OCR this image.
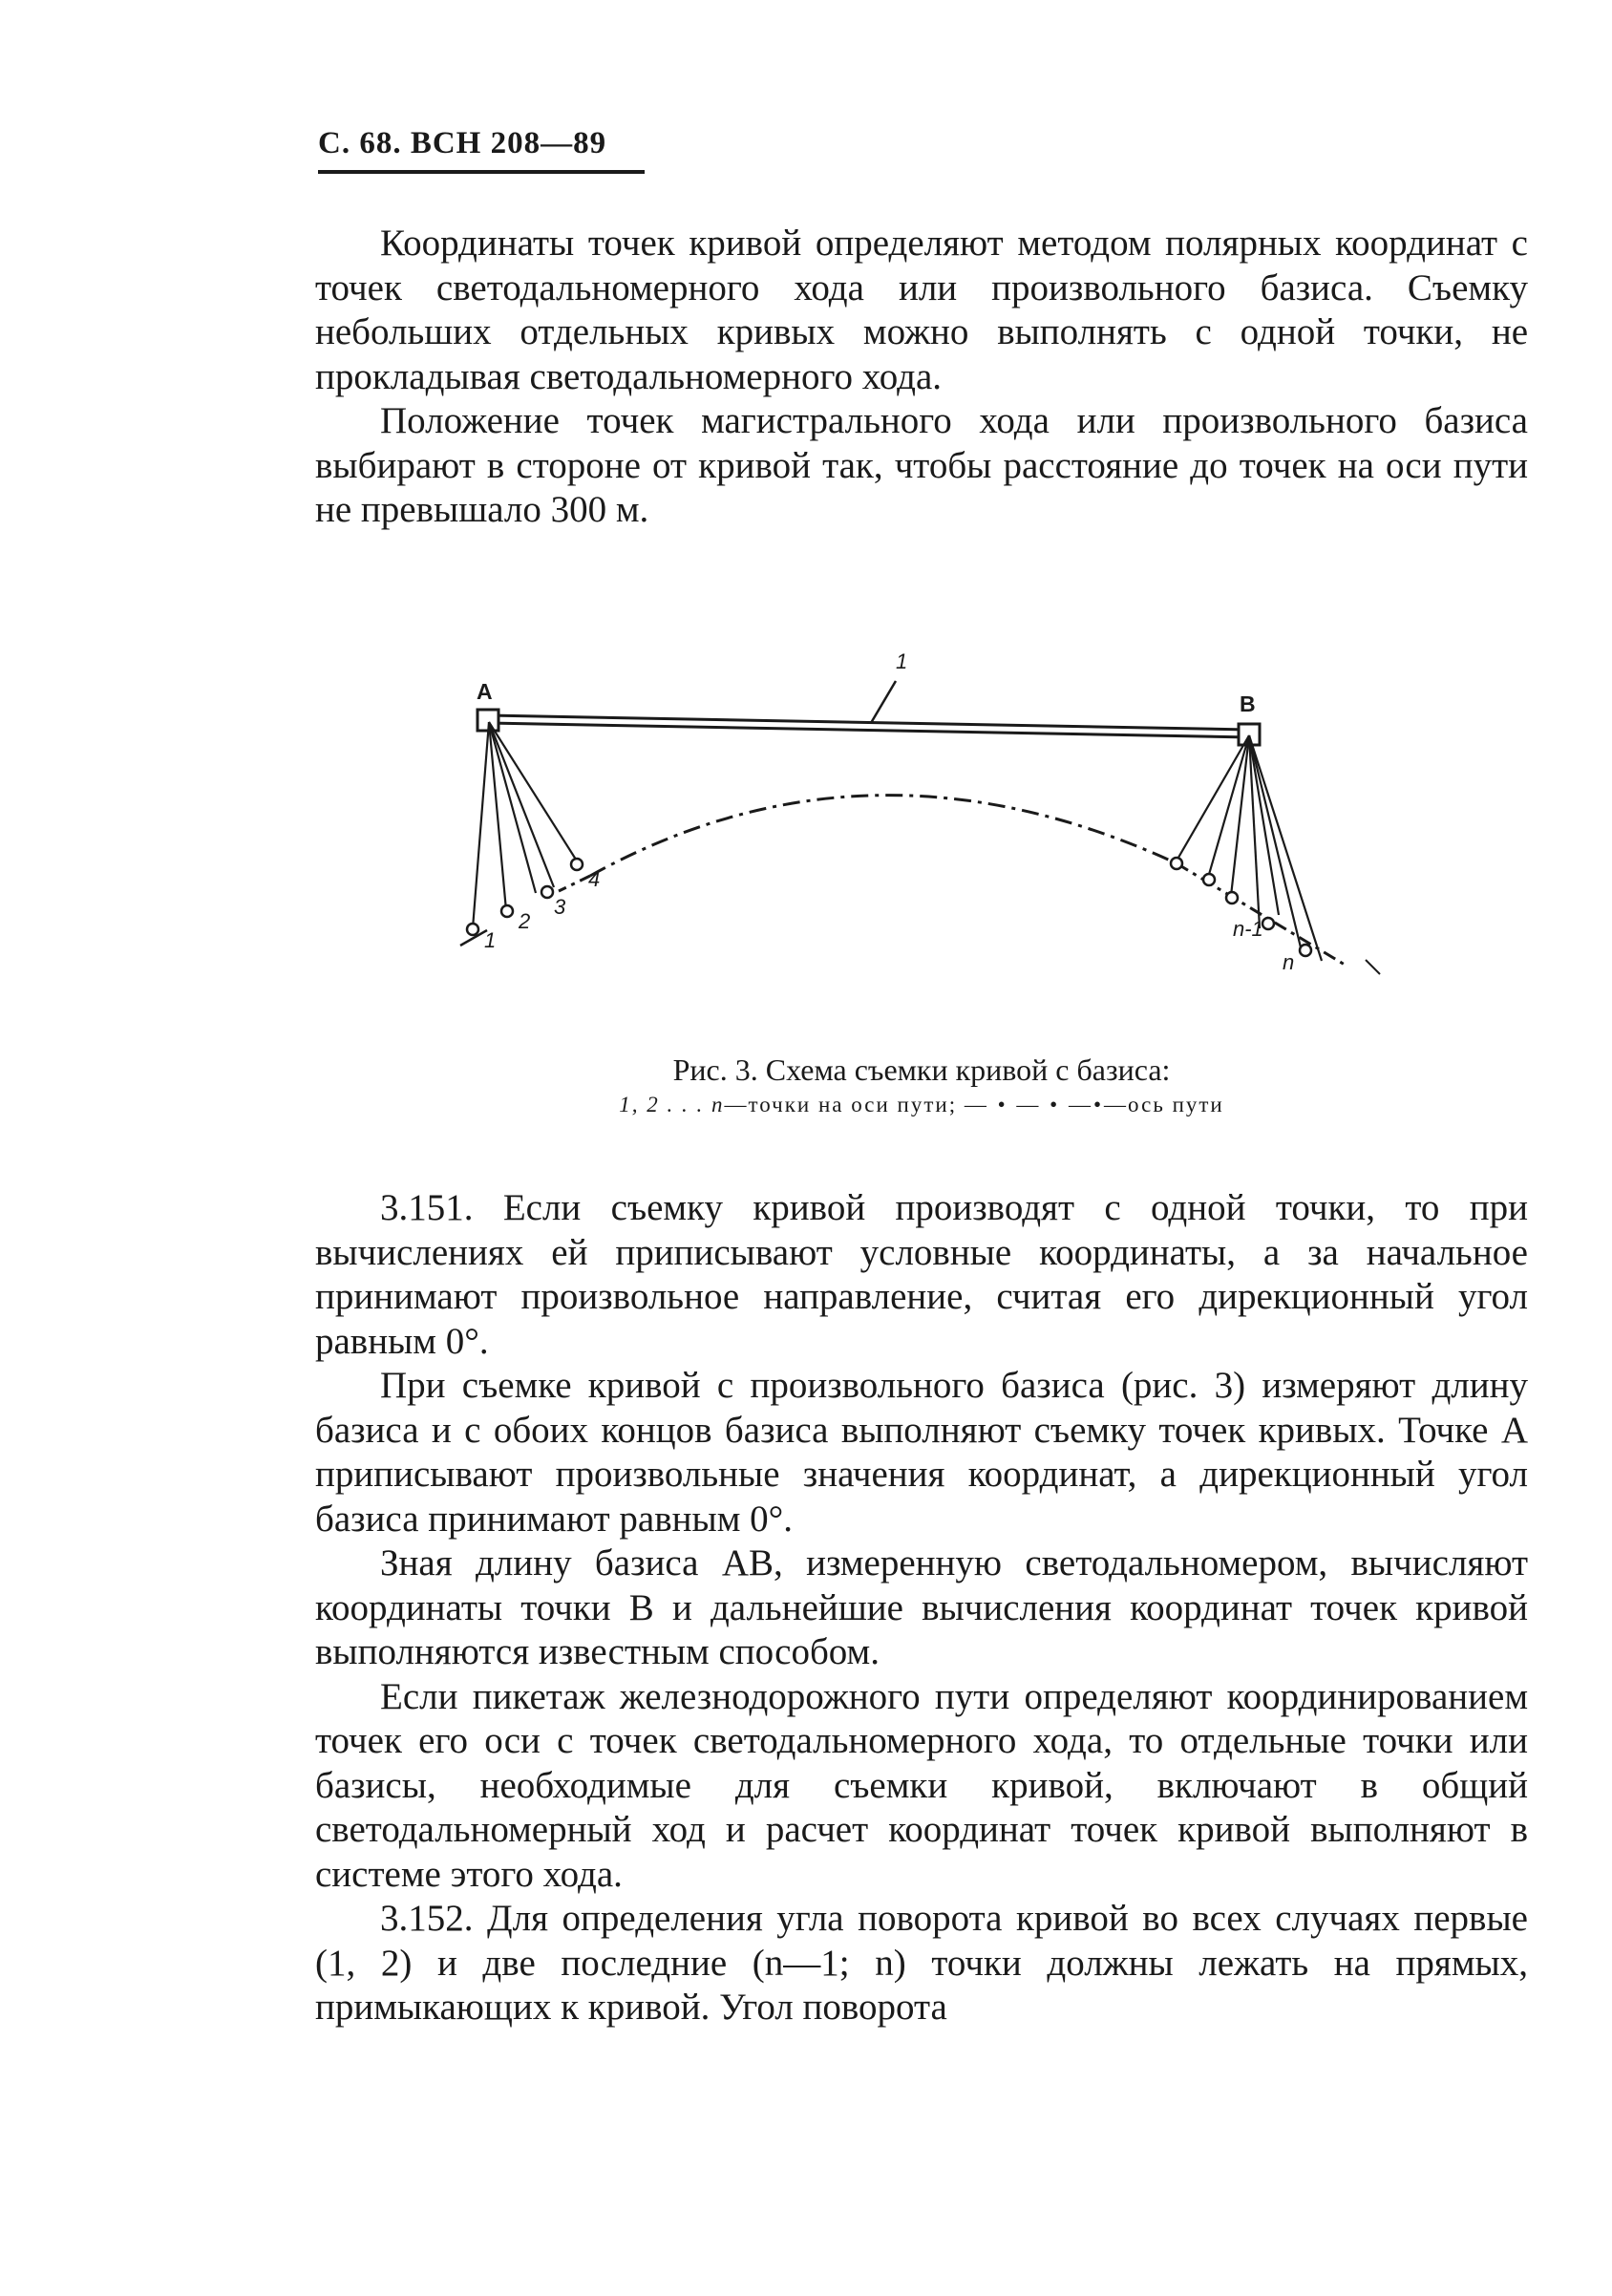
С. 68. ВСН 208—89

Координаты точек кривой определяют методом полярных координат с точек светодальномерного хода или произвольного базиса. Съемку небольших отдельных кривых можно выполнять с одной точки, не прокладывая светодальномерного хода.

Положение точек магистрального хода или произвольного базиса выбирают в стороне от кривой так, чтобы расстояние до точек на оси пути не превышало 300 м.

1
A	B
1
2
3
4
n-1
n
Рис. 3. Схема съемки кривой с базиса:
1, 2 . . . n—точки на оси пути; — • — • —•—ось пути

3.151. Если съемку кривой производят с одной точки, то при вычислениях ей приписывают условные координаты, а за начальное принимают произвольное направление, считая его дирекционный угол равным 0°.

При съемке кривой с произвольного базиса (рис. 3) измеряют длину базиса и с обоих концов базиса выполняют съемку точек кривых. Точке А приписывают произвольные значения координат, а дирекционный угол базиса принимают равным 0°.

Зная длину базиса АВ, измеренную светодальномером, вычисляют координаты точки В и дальнейшие вычисления координат точек кривой выполняются известным способом.

Если пикетаж железнодорожного пути определяют координированием точек его оси с точек светодальномерного хода, то отдельные точки или базисы, необходимые для съемки кривой, включают в общий светодальномерный ход и расчет координат точек кривой выполняют в системе этого хода.

3.152. Для определения угла поворота кривой во всех случаях первые (1, 2) и две последние (n—1; n) точки должны лежать на прямых, примыкающих к кривой. Угол поворота
